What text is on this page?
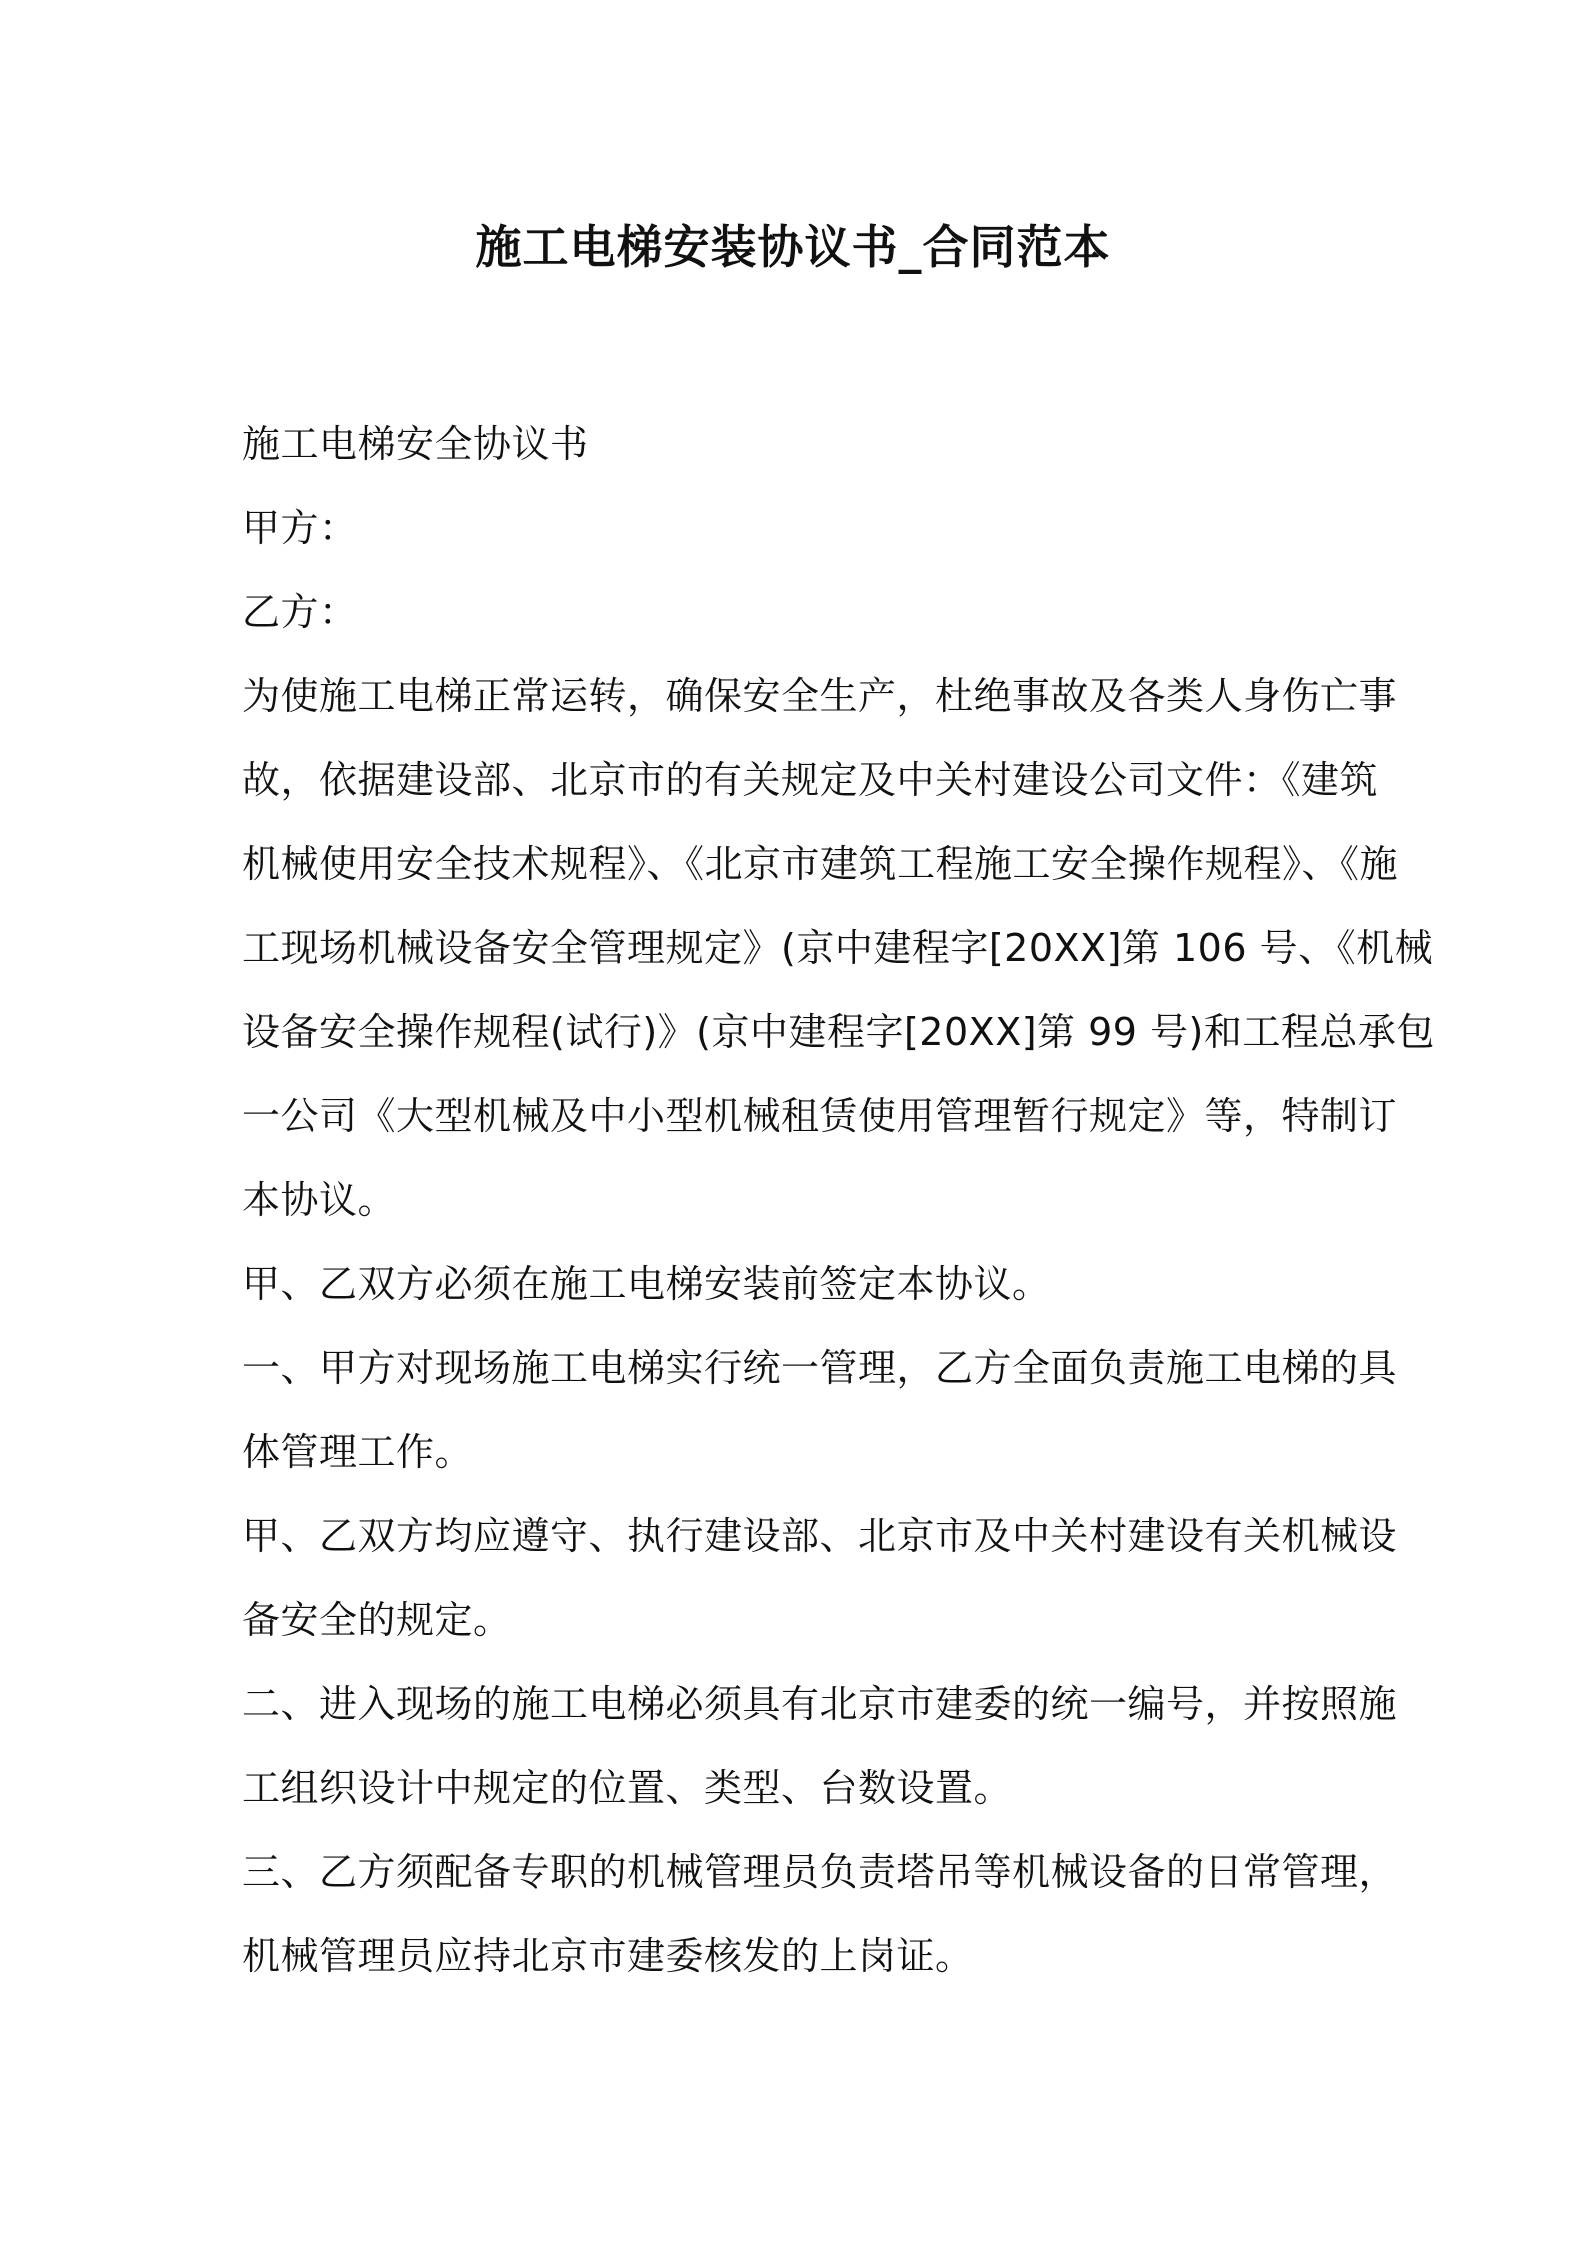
施工电梯安装协议书_合同范本
施工电梯安全协议书
甲方：
乙方：
为使施工电梯正常运转，确保安全生产，杜绝事故及各类人身伤亡事
故，依据建设部、北京市的有关规定及中关村建设公司文件：《建筑
机械使用安全技术规程》、《北京市建筑工程施工安全操作规程》、《施
工现场机械设备安全管理规定》(京中建程字[20XX]第 106 号、《机械
设备安全操作规程(试行)》(京中建程字[20XX]第 99 号)和工程总承包
一公司《大型机械及中小型机械租赁使用管理暂行规定》等，特制订
本协议。
甲、乙双方必须在施工电梯安装前签定本协议。
一、甲方对现场施工电梯实行统一管理，乙方全面负责施工电梯的具
体管理工作。
甲、乙双方均应遵守、执行建设部、北京市及中关村建设有关机械设
备安全的规定。
二、进入现场的施工电梯必须具有北京市建委的统一编号，并按照施
工组织设计中规定的位置、类型、台数设置。
三、乙方须配备专职的机械管理员负责塔吊等机械设备的日常管理，
机械管理员应持北京市建委核发的上岗证。
